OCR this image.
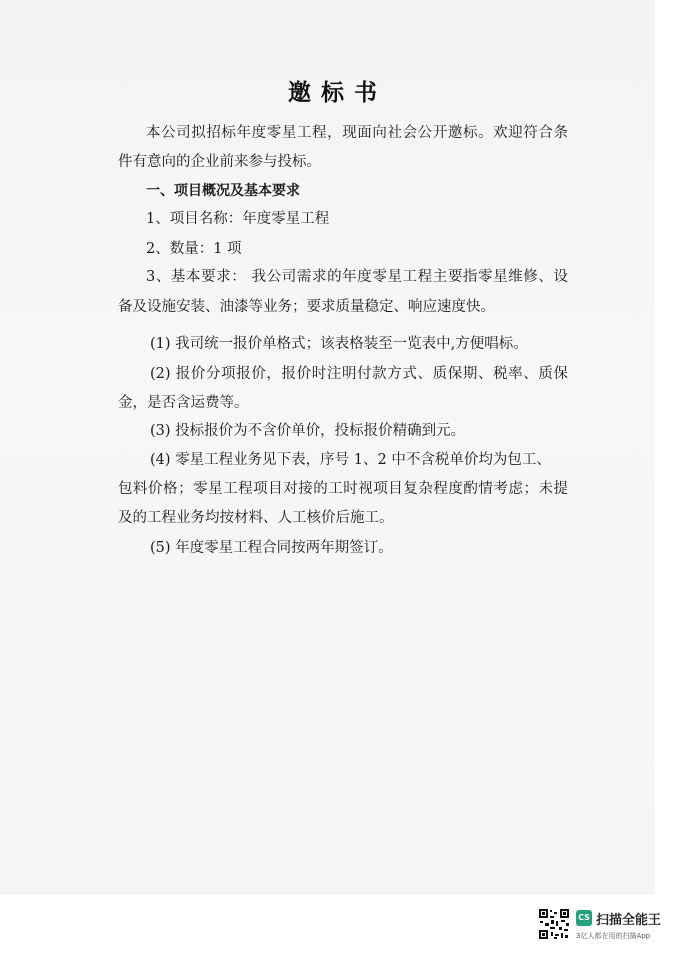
邀标书
本公司拟招标年度零星工程，现面向社会公开邀标。欢迎符合条
件有意向的企业前来参与投标。
一、项目概况及基本要求
1、项目名称：年度零星工程
2、数量：1 项
3、基本要求： 我公司需求的年度零星工程主要指零星维修、设
备及设施安装、油漆等业务；要求质量稳定、响应速度快。
(1) 我司统一报价单格式；该表格装至一览表中,方便唱标。
(2) 报价分项报价，报价时注明付款方式、质保期、税率、质保
金，是否含运费等。
(3) 投标报价为不含价单价，投标报价精确到元。
(4) 零星工程业务见下表，序号 1、2 中不含税单价均为包工、
包料价格；零星工程项目对接的工时视项目复杂程度酌情考虑；未提
及的工程业务均按材料、人工核价后施工。
(5) 年度零星工程合同按两年期签订。
CS 扫描全能王
3亿人都在用的扫描App
